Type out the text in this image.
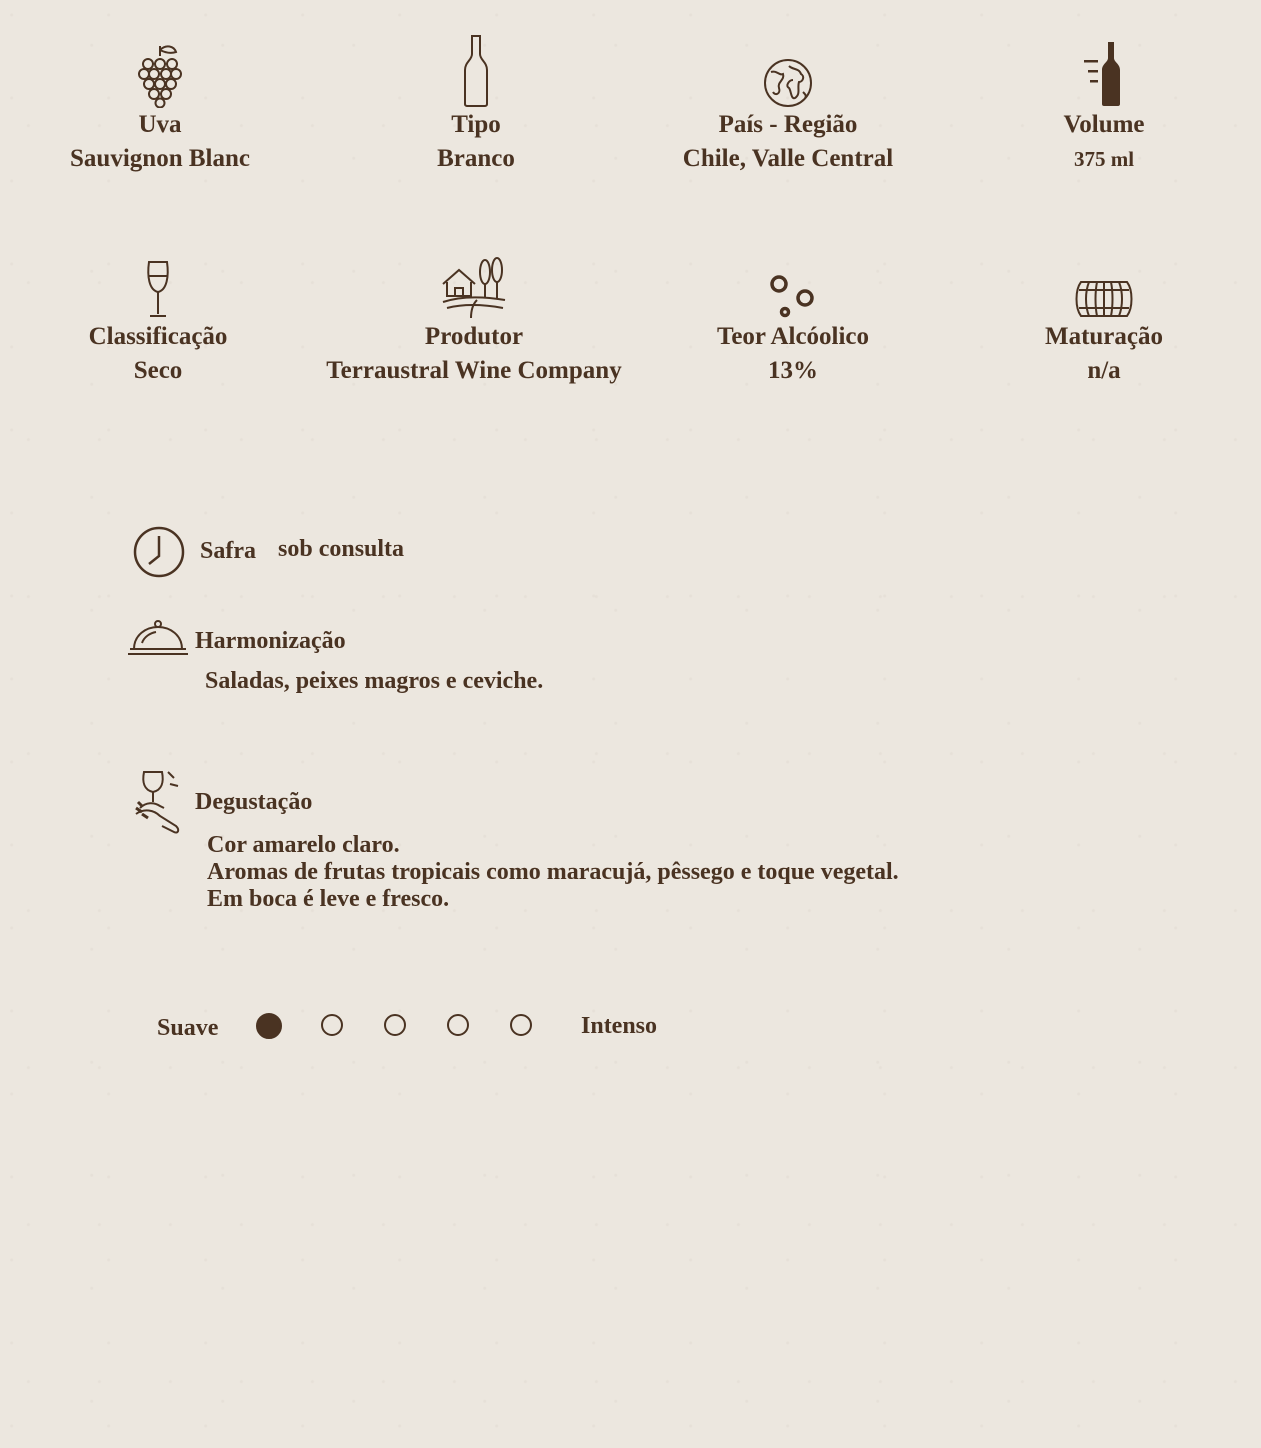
Uva
Sauvignon Blanc
Tipo
Branco
País - Região
Chile, Valle Central
Volume
375 ml
Classificação
Seco
Produtor
Terraustral Wine Company
Teor Alcóolico
13%
Maturação
n/a
Safra sob consulta
Harmonização
Saladas, peixes magros e ceviche.
Degustação
Cor amarelo claro.
Aromas de frutas tropicais como maracujá, pêssego e toque vegetal.
Em boca é leve e fresco.
Suave	Intenso
